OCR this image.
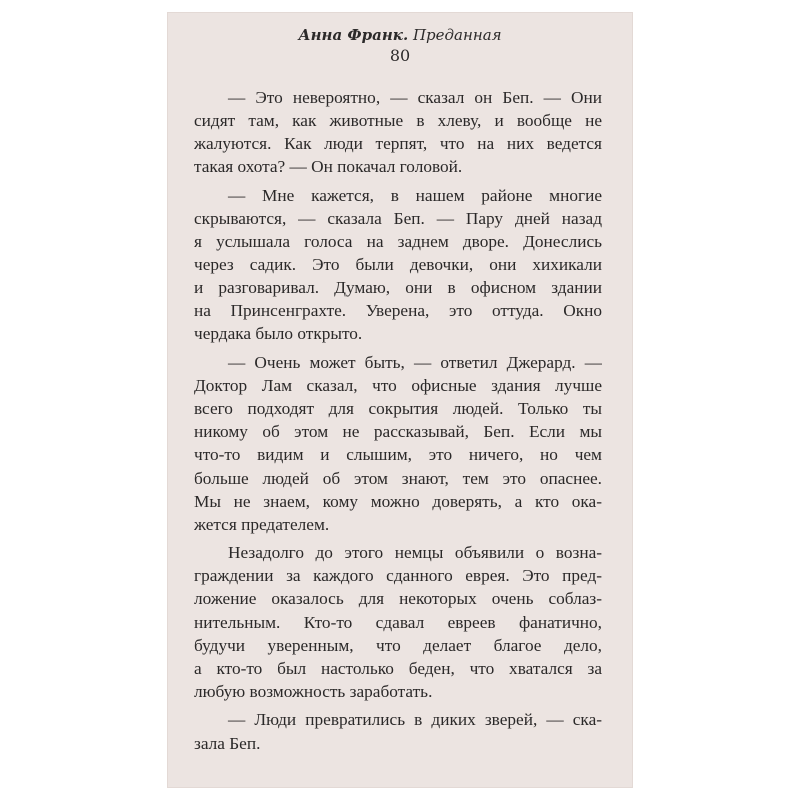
Анна Франк. Преданная
80
— Это невероятно, — сказал он Беп. — Они
сидят там, как животные в хлеву, и вообще не
жалуются. Как люди терпят, что на них ведется
такая охота? — Он покачал головой.
— Мне кажется, в нашем районе многие
скрываются, — сказала Беп. — Пару дней назад
я услышала голоса на заднем дворе. Донеслись
через садик. Это были девочки, они хихикали
и разговаривал. Думаю, они в офисном здании
на Принсенграхте. Уверена, это оттуда. Окно
чердака было открыто.
— Очень может быть, — ответил Джерард. —
Доктор Лам сказал, что офисные здания лучше
всего подходят для сокрытия людей. Только ты
никому об этом не рассказывай, Беп. Если мы
что-то видим и слышим, это ничего, но чем
больше людей об этом знают, тем это опаснее.
Мы не знаем, кому можно доверять, а кто ока-
жется предателем.
Незадолго до этого немцы объявили о возна-
граждении за каждого сданного еврея. Это пред-
ложение оказалось для некоторых очень соблаз-
нительным. Кто-то сдавал евреев фанатично,
будучи уверенным, что делает благое дело,
а кто-то был настолько беден, что хватался за
любую возможность заработать.
— Люди превратились в диких зверей, — ска-
зала Беп.
